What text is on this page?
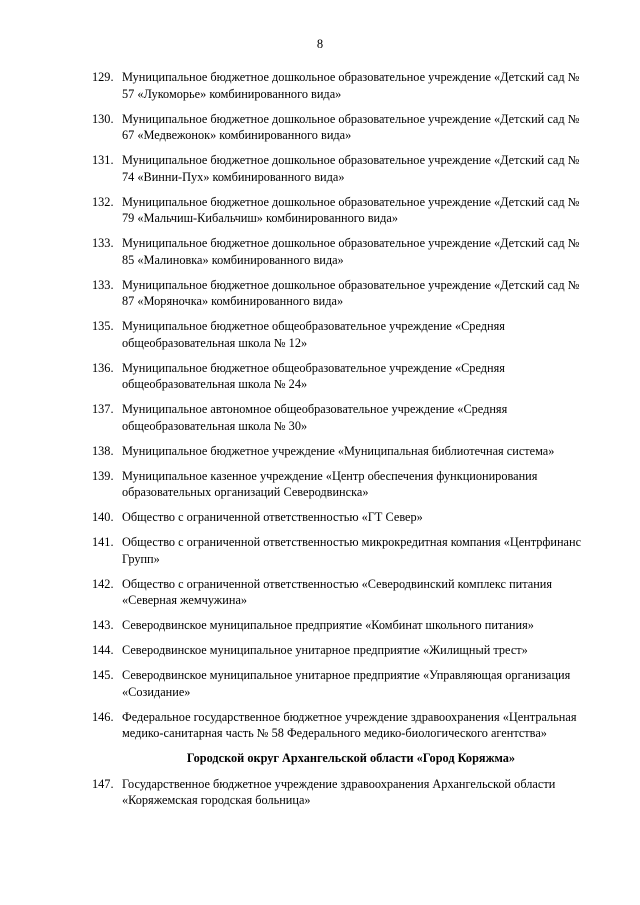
8
129. Муниципальное бюджетное дошкольное образовательное учреждение «Детский сад № 57 «Лукоморье» комбинированного вида»
130. Муниципальное бюджетное дошкольное образовательное учреждение «Детский сад № 67 «Медвежонок» комбинированного вида»
131. Муниципальное бюджетное дошкольное образовательное учреждение «Детский сад № 74 «Винни-Пух» комбинированного вида»
132. Муниципальное бюджетное дошкольное образовательное учреждение «Детский сад № 79 «Мальчиш-Кибальчиш» комбинированного вида»
133. Муниципальное бюджетное дошкольное образовательное учреждение «Детский сад № 85 «Малиновка» комбинированного вида»
133. Муниципальное бюджетное дошкольное образовательное учреждение «Детский сад № 87 «Моряночка» комбинированного вида»
135. Муниципальное бюджетное общеобразовательное учреждение «Средняя общеобразовательная школа № 12»
136. Муниципальное бюджетное общеобразовательное учреждение «Средняя общеобразовательная школа № 24»
137. Муниципальное автономное общеобразовательное учреждение «Средняя общеобразовательная школа № 30»
138. Муниципальное бюджетное учреждение «Муниципальная библиотечная система»
139. Муниципальное казенное учреждение «Центр обеспечения функционирования образовательных организаций Северодвинска»
140. Общество с ограниченной ответственностью «ГТ Север»
141. Общество с ограниченной ответственностью микрокредитная компания «Центрфинанс Групп»
142. Общество с ограниченной ответственностью «Северодвинский комплекс питания «Северная жемчужина»
143. Северодвинское муниципальное предприятие «Комбинат школьного питания»
144. Северодвинское муниципальное унитарное предприятие «Жилищный трест»
145. Северодвинское муниципальное унитарное предприятие «Управляющая организация «Созидание»
146. Федеральное государственное бюджетное учреждение здравоохранения «Центральная медико-санитарная часть № 58 Федерального медико-биологического агентства»
Городской округ Архангельской области «Город Коряжма»
147. Государственное бюджетное учреждение здравоохранения Архангельской области «Коряжемская городская больница»
